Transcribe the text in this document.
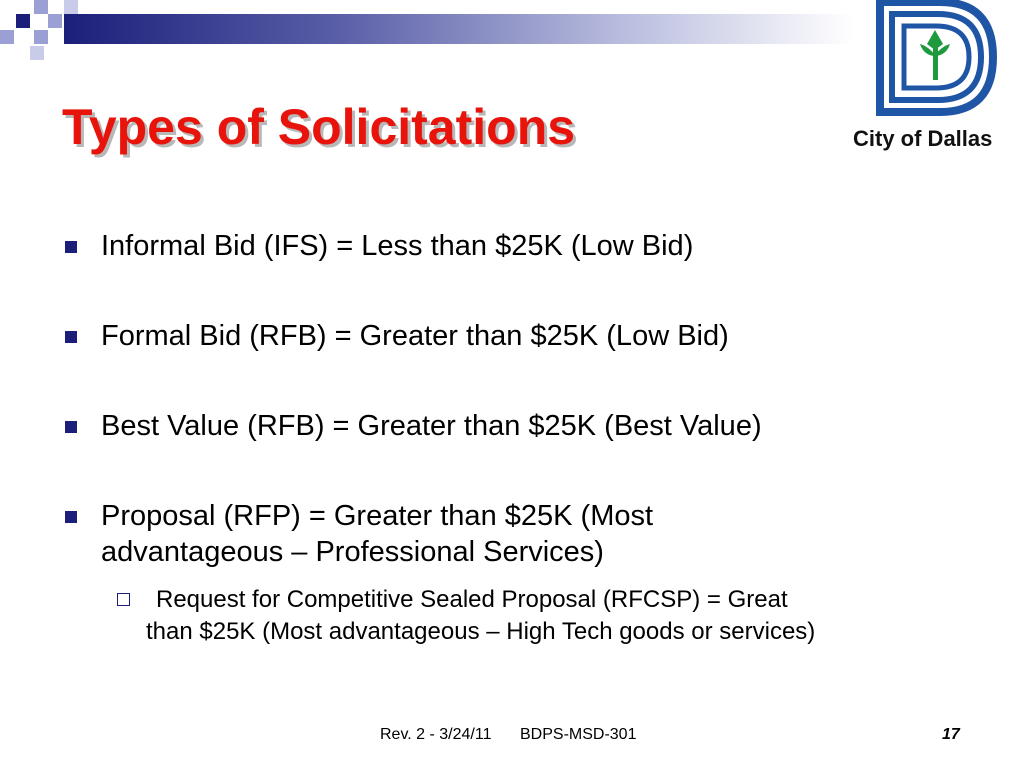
Types of Solicitations	City of Dallas
Informal Bid (IFS) = Less than $25K (Low Bid)
Formal Bid (RFB) = Greater than $25K (Low Bid)
Best Value (RFB) = Greater than $25K (Best Value)
Proposal (RFP) = Greater than $25K (Most
advantageous – Professional Services)
Request for Competitive Sealed Proposal (RFCSP) = Great
than $25K (Most advantageous – High Tech goods or services)
Rev. 2 - 3/24/11 BDPS-MSD-301	17
